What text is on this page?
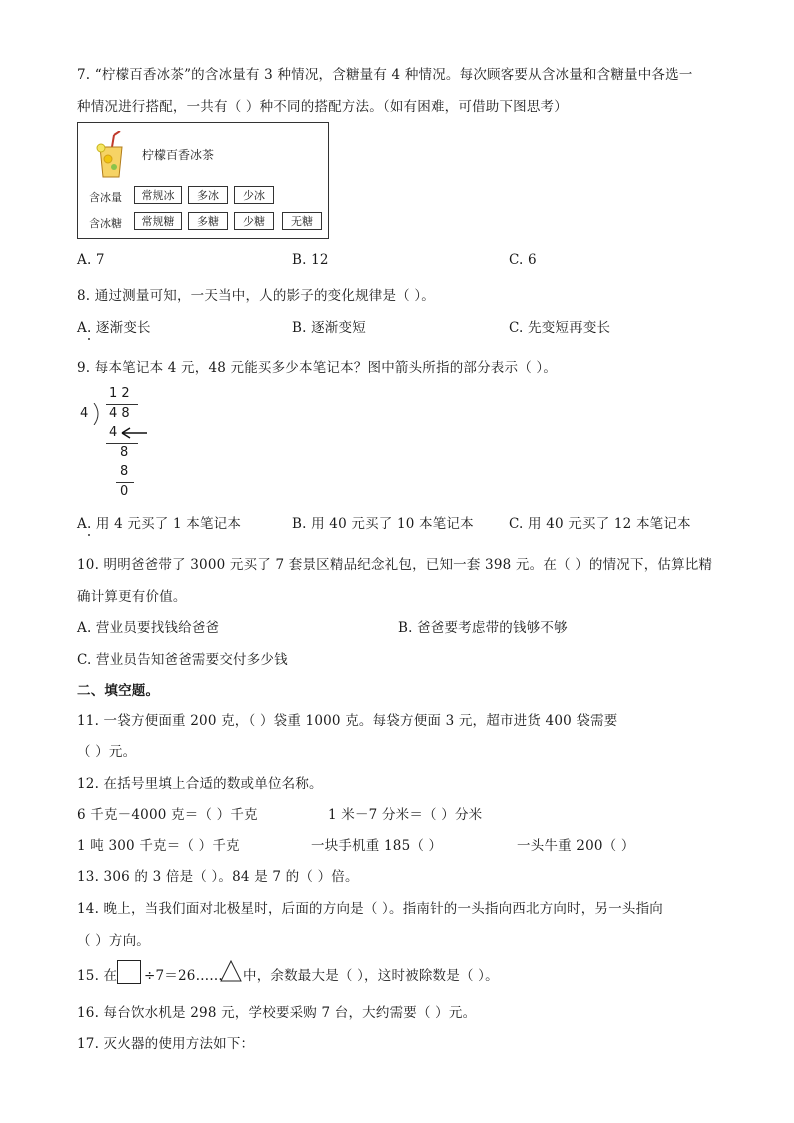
7. “柠檬百香冰茶”的含冰量有 3 种情况，含糖量有 4 种情况。每次顾客要从含冰量和含糖量中各选一
种情况进行搭配，一共有（ ）种不同的搭配方法。（如有困难，可借助下图思考）
柠檬百香冰茶
含冰量	常规冰	多冰	少冰
含冰糖	常规糖	多糖	少糖	无糖
A. 7	B. 12	C. 6
8. 通过测量可知，一天当中，人的影子的变化规律是（ ）。
A. 逐渐变长	B. 逐渐变短	C. 先变短再变长
9. 每本笔记本 4 元，48 元能买多少本笔记本？图中箭头所指的部分表示（ ）。
1 2
4 4 8
4
8
8
0
A. 用 4 元买了 1 本笔记本	B. 用 40 元买了 10 本笔记本	C. 用 40 元买了 12 本笔记本
10. 明明爸爸带了 3000 元买了 7 套景区精品纪念礼包，已知一套 398 元。在（ ）的情况下，估算比精
确计算更有价值。
A. 营业员要找钱给爸爸	B. 爸爸要考虑带的钱够不够
C. 营业员告知爸爸需要交付多少钱
二、填空题。
11. 一袋方便面重 200 克，（ ）袋重 1000 克。每袋方便面 3 元，超市进货 400 袋需要
（ ）元。
12. 在括号里填上合适的数或单位名称。
6 千克－4000 克＝（ ）千克	1 米－7 分米＝（ ）分米
1 吨 300 千克＝（ ）千克	一块手机重 185（ ）	一头牛重 200（ ）
13. 306 的 3 倍是（ ）。84 是 7 的（ ）倍。
14. 晚上，当我们面对北极星时，后面的方向是（ ）。指南针的一头指向西北方向时，另一头指向
（ ）方向。
15. 在 ÷7＝26…… 中，余数最大是（ ），这时被除数是（ ）。
16. 每台饮水机是 298 元，学校要采购 7 台，大约需要（ ）元。
17. 灭火器的使用方法如下：
